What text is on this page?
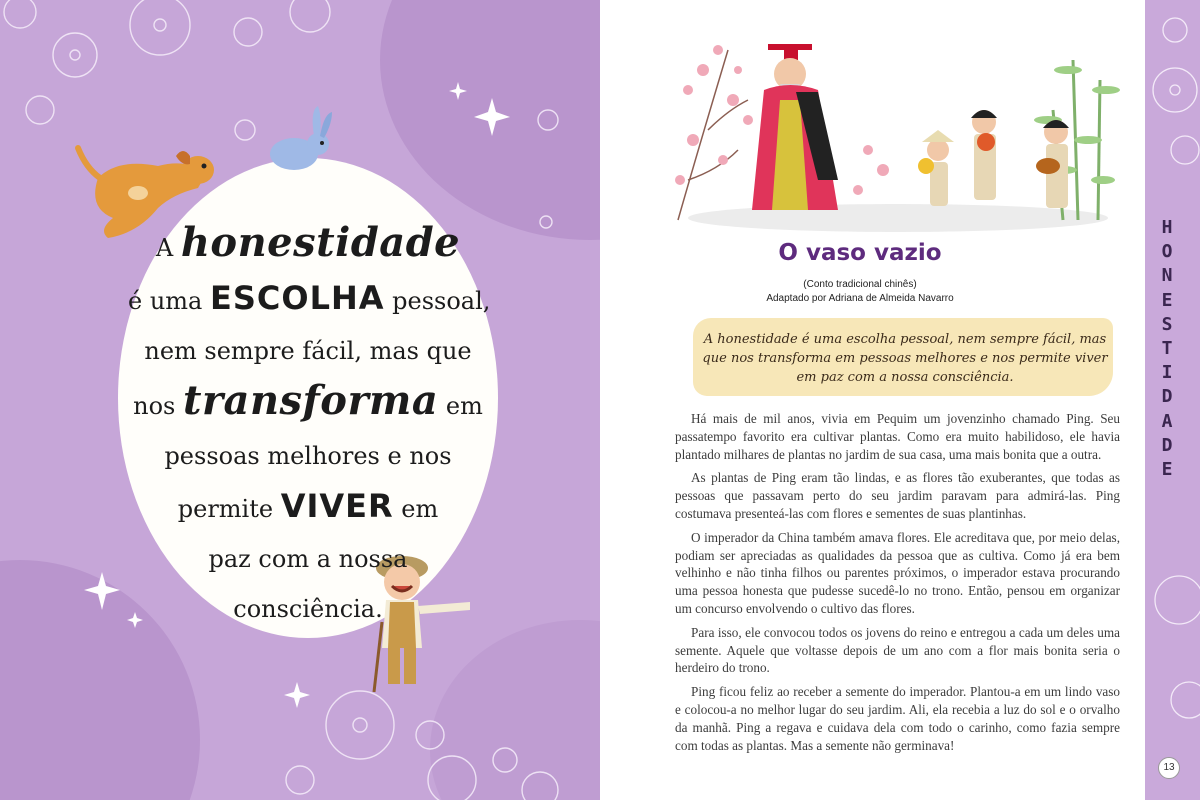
A honestidade
é uma ESCOLHA pessoal,
nem sempre fácil, mas que
nos transforma em
pessoas melhores e nos
permite VIVER em
paz com a nossa
consciência.
O vaso vazio
(Conto tradicional chinês)
Adaptado por Adriana de Almeida Navarro
A honestidade é uma escolha pessoal, nem sempre fácil, mas que nos transforma em pessoas melhores e nos permite viver em paz com a nossa consciência.

Há mais de mil anos, vivia em Pequim um jovenzinho chamado Ping. Seu passatempo favorito era cultivar plantas. Como era muito habilidoso, ele havia plantado milhares de plantas no jardim de sua casa, uma mais bonita que a outra.

As plantas de Ping eram tão lindas, e as flores tão exuberantes, que todas as pessoas que passavam perto do seu jardim paravam para admirá-las. Ping costumava presenteá-las com flores e sementes de suas plantinhas.

O imperador da China também amava flores. Ele acreditava que, por meio delas, podiam ser apreciadas as qualidades da pessoa que as cultiva. Como já era bem velhinho e não tinha filhos ou parentes próximos, o imperador estava procurando uma pessoa honesta que pudesse sucedê-lo no trono. Então, pensou em organizar um concurso envolvendo o cultivo das flores.

Para isso, ele convocou todos os jovens do reino e entregou a cada um deles uma semente. Aquele que voltasse depois de um ano com a flor mais bonita seria o herdeiro do trono.

Ping ficou feliz ao receber a semente do imperador. Plantou-a em um lindo vaso e colocou-a no melhor lugar do seu jardim. Ali, ela recebia a luz do sol e o orvalho da manhã. Ping a regava e cuidava dela com todo o carinho, como fazia sempre com todas as plantas. Mas a semente não germinava!

H
O
N
E
S
T
I
D
A
D
E
13
